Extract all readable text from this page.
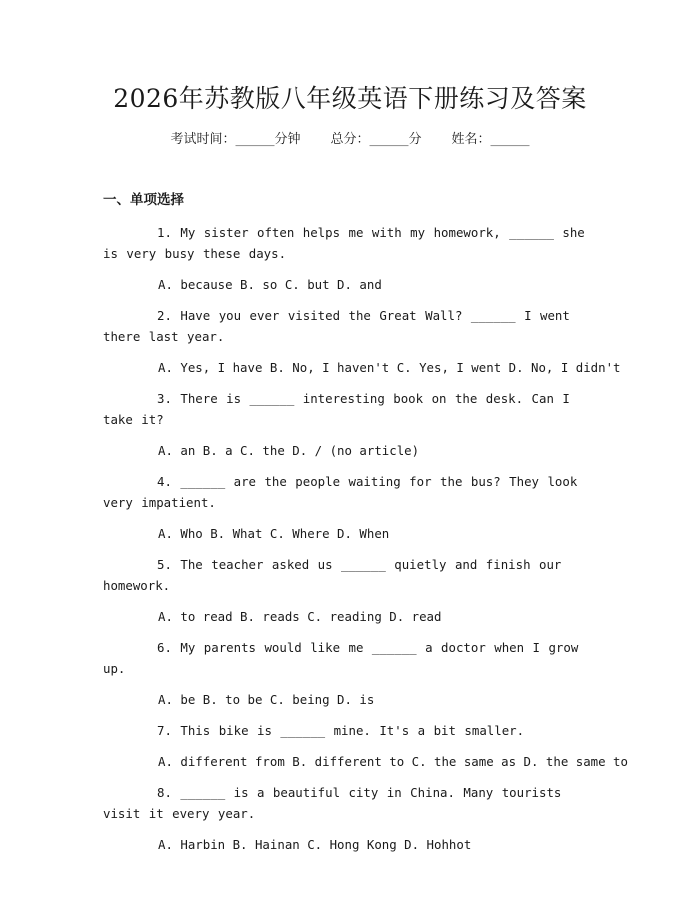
2026年苏教版八年级英语下册练习及答案
考试时间：______分钟 总分：______分 姓名：______
一、单项选择
1. My sister often helps me with my homework, ______ she is very busy these days.
A. because B. so C. but D. and
2. Have you ever visited the Great Wall? ______ I went there last year.
A. Yes, I have B. No, I haven't C. Yes, I went D. No, I didn't
3. There is ______ interesting book on the desk. Can I take it?
A. an B. a C. the D. / (no article)
4. ______ are the people waiting for the bus? They look very impatient.
A. Who B. What C. Where D. When
5. The teacher asked us ______ quietly and finish our homework.
A. to read B. reads C. reading D. read
6. My parents would like me ______ a doctor when I grow up.
A. be B. to be C. being D. is
7. This bike is ______ mine. It's a bit smaller.
A. different from B. different to C. the same as D. the same to
8. ______ is a beautiful city in China. Many tourists visit it every year.
A. Harbin B. Hainan C. Hong Kong D. Hohhot
